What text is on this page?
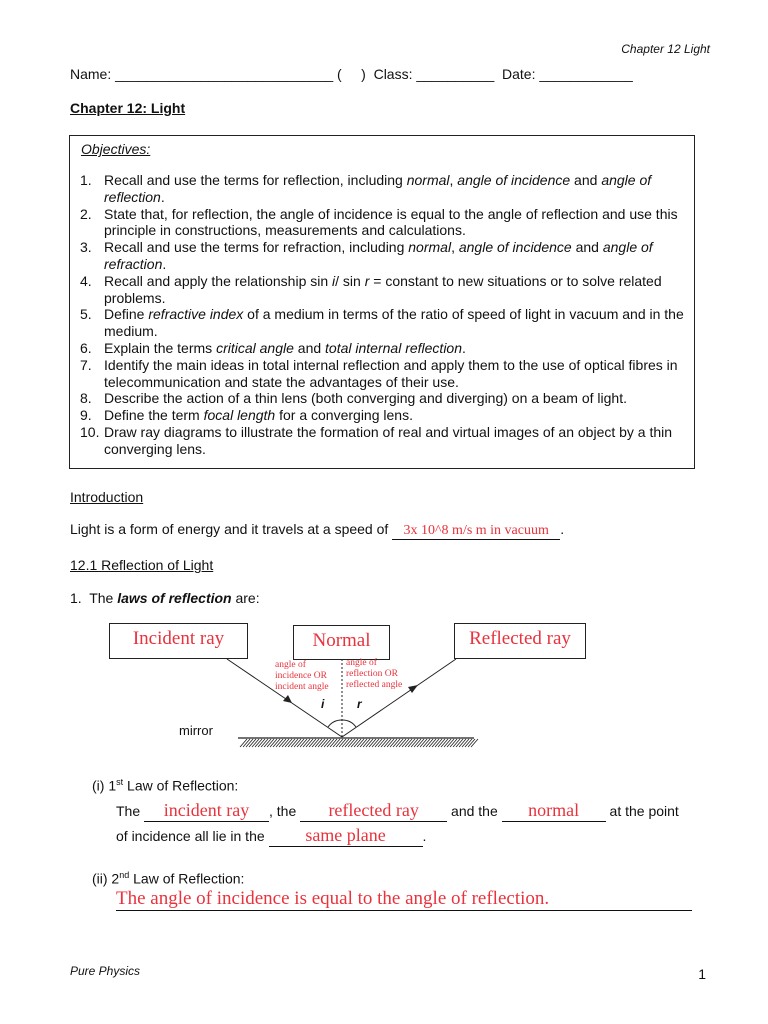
Chapter 12 Light
Name: ____________________________ (     )  Class: __________  Date: ____________
Chapter 12: Light
Objectives:
1. Recall and use the terms for reflection, including normal, angle of incidence and angle of reflection.
2. State that, for reflection, the angle of incidence is equal to the angle of reflection and use this principle in constructions, measurements and calculations.
3. Recall and use the terms for refraction, including normal, angle of incidence and angle of refraction.
4. Recall and apply the relationship sin i/ sin r = constant to new situations or to solve related problems.
5. Define refractive index of a medium in terms of the ratio of speed of light in vacuum and in the medium.
6. Explain the terms critical angle and total internal reflection.
7. Identify the main ideas in total internal reflection and apply them to the use of optical fibres in telecommunication and state the advantages of their use.
8. Describe the action of a thin lens (both converging and diverging) on a beam of light.
9. Define the term focal length for a converging lens.
10. Draw ray diagrams to illustrate the formation of real and virtual images of an object by a thin converging lens.
Introduction
Light is a form of energy and it travels at a speed of 3x 10^8 m/s m in vacuum .
12.1 Reflection of Light
1. The laws of reflection are:
Incident ray	Normal	Reflected ray
angle of
incidence OR
incident angle
angle of
reflection OR
reflected angle
i	r
mirror
(i) 1st Law of Reflection:
The incident ray , the reflected ray and the normal at the point
of incidence all lie in the same plane	.
(ii) 2nd Law of Reflection:
The angle of incidence is equal to the angle of reflection.
Pure Physics	1
